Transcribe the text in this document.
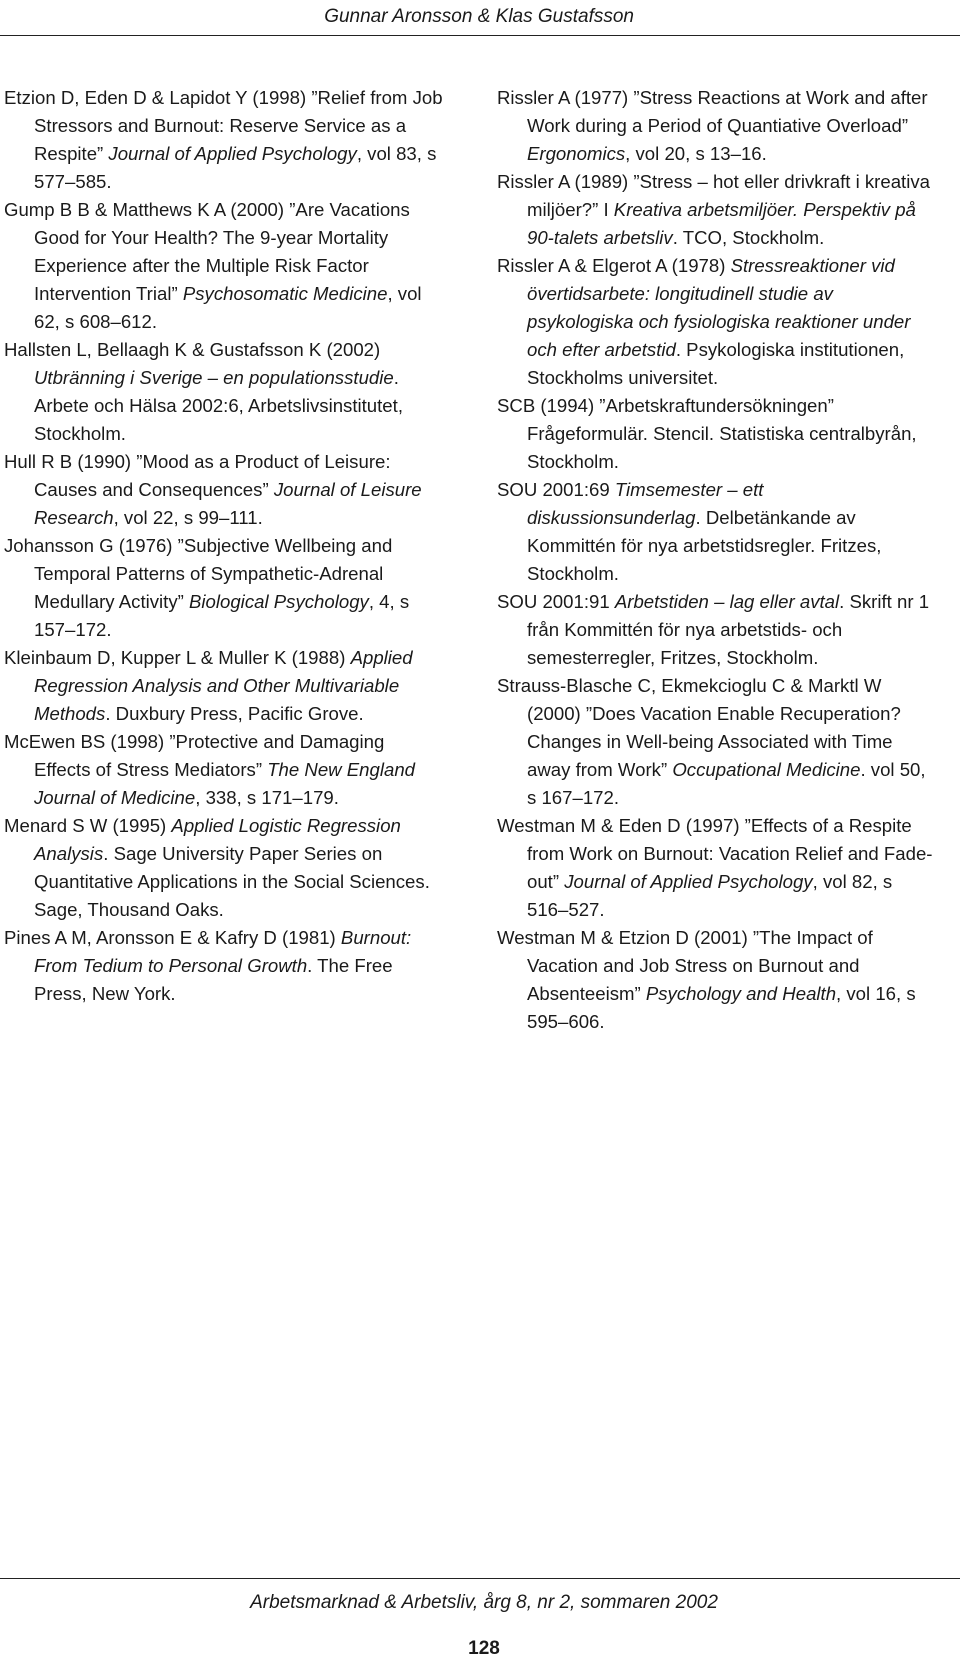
Gunnar Aronsson & Klas Gustafsson

Etzion D, Eden D & Lapidot Y (1998) ”Relief from Job Stressors and Burnout: Reserve Service as a Respite” Journal of Applied Psychology, vol 83, s 577–585.

Gump B B & Matthews K A (2000) ”Are Vacations Good for Your Health? The 9-year Mortality Experience after the Multiple Risk Factor Intervention Trial” Psychosomatic Medicine, vol 62, s 608–612.

Hallsten L, Bellaagh K & Gustafsson K (2002) Utbränning i Sverige – en populationsstudie. Arbete och Hälsa 2002:6, Arbetslivsinstitutet, Stockholm.

Hull R B (1990) ”Mood as a Product of Leisure: Causes and Consequences” Journal of Leisure Research, vol 22, s 99–111.

Johansson G (1976) ”Subjective Wellbeing and Temporal Patterns of Sympathetic-Adrenal Medullary Activity” Biological Psychology, 4, s 157–172.

Kleinbaum D, Kupper L & Muller K (1988) Applied Regression Analysis and Other Multivariable Methods. Duxbury Press, Pacific Grove.

McEwen BS (1998) ”Protective and Damaging Effects of Stress Mediators” The New England Journal of Medicine, 338, s 171–179.

Menard S W (1995) Applied Logistic Regression Analysis. Sage University Paper Series on Quantitative Applications in the Social Sciences. Sage, Thousand Oaks.

Pines A M, Aronsson E & Kafry D (1981) Burnout: From Tedium to Personal Growth. The Free Press, New York.

Rissler A (1977) ”Stress Reactions at Work and after Work during a Period of Quantiative Overload” Ergonomics, vol 20, s 13–16.

Rissler A (1989) ”Stress – hot eller drivkraft i kreativa miljöer?” I Kreativa arbetsmiljöer. Perspektiv på 90-talets arbetsliv. TCO, Stockholm.

Rissler A & Elgerot A (1978) Stressreaktioner vid övertidsarbete: longitudinell studie av psykologiska och fysiologiska reaktioner under och efter arbetstid. Psykologiska institutionen, Stockholms universitet.

SCB (1994) ”Arbetskraftundersökningen” Frågeformulär. Stencil. Statistiska centralbyrån, Stockholm.

SOU 2001:69 Timsemester – ett diskussionsunderlag. Delbetänkande av Kommittén för nya arbetstidsregler. Fritzes, Stockholm.

SOU 2001:91 Arbetstiden – lag eller avtal. Skrift nr 1 från Kommittén för nya arbetstids- och semesterregler, Fritzes, Stockholm.

Strauss-Blasche C, Ekmekcioglu C & Marktl W (2000) ”Does Vacation Enable Recuperation? Changes in Well-being Associated with Time away from Work” Occupational Medicine. vol 50, s 167–172.

Westman M & Eden D (1997) ”Effects of a Respite from Work on Burnout: Vacation Relief and Fade-out” Journal of Applied Psychology, vol 82, s 516–527.

Westman M & Etzion D (2001) ”The Impact of Vacation and Job Stress on Burnout and Absenteeism” Psychology and Health, vol 16, s 595–606.

Arbetsmarknad & Arbetsliv, årg 8, nr 2, sommaren 2002
128
